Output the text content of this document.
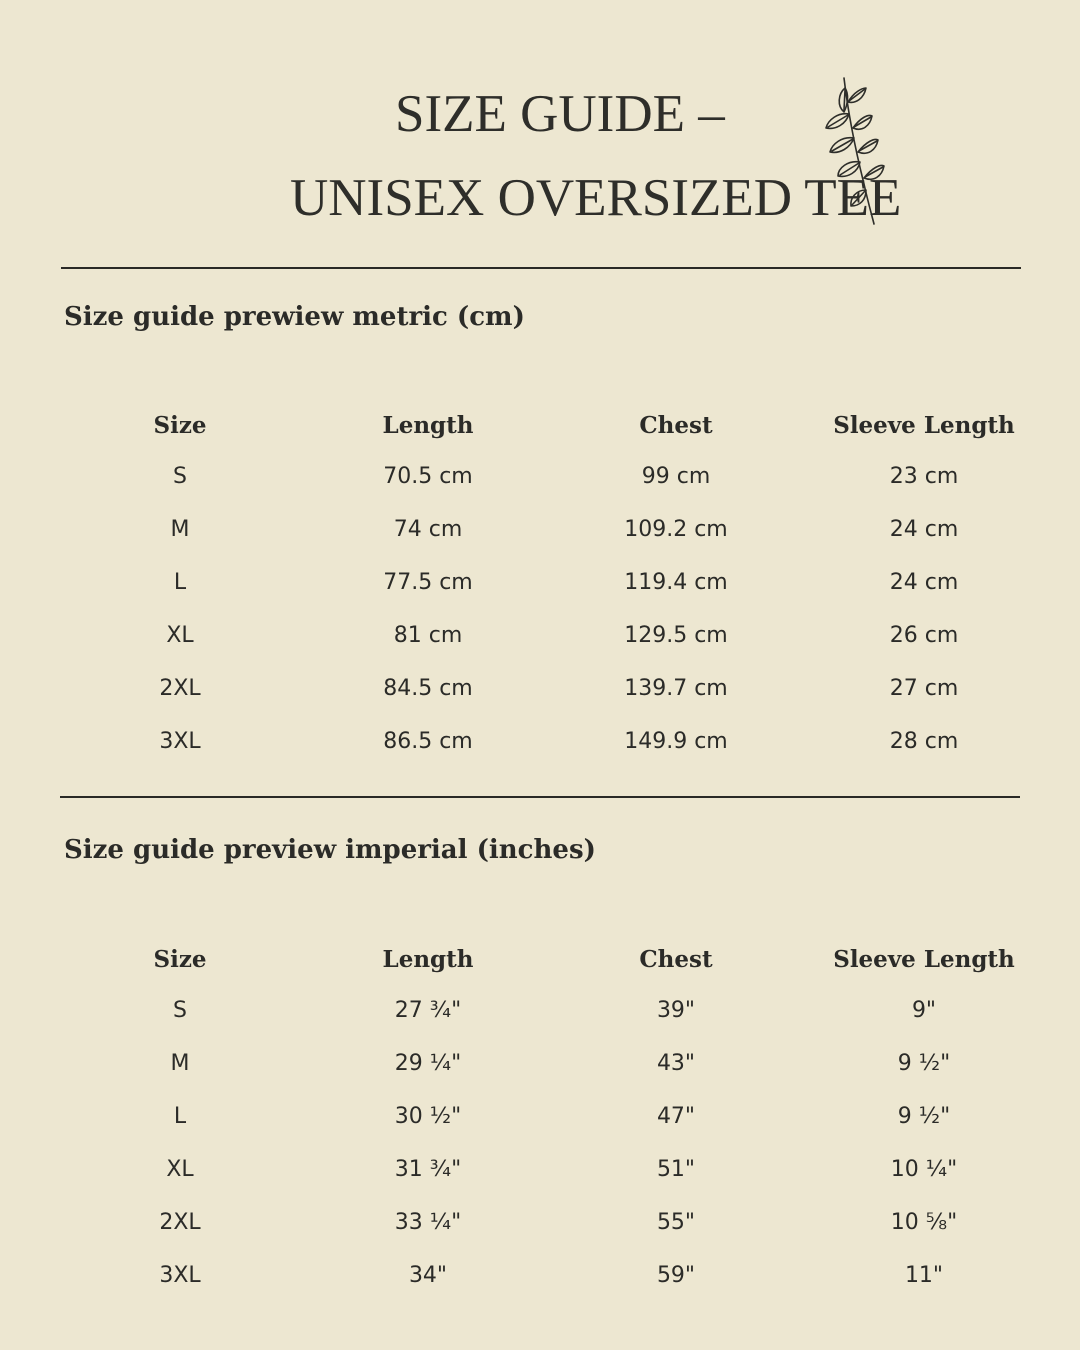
SIZE GUIDE –
UNISEX OVERSIZED TEE
Size guide prewiew metric (cm)
Size	Length	Chest	Sleeve Length
S	70.5 cm	99 cm	23 cm
M	74 cm	109.2 cm	24 cm
L	77.5 cm	119.4 cm	24 cm
XL	81 cm	129.5 cm	26 cm
2XL	84.5 cm	139.7 cm	27 cm
3XL	86.5 cm	149.9 cm	28 cm
Size guide preview imperial (inches)
Size	Length	Chest	Sleeve Length
S	27 ¾"	39"	9"
M	29 ¼"	43"	9 ½"
L	30 ½"	47"	9 ½"
XL	31 ¾"	51"	10 ¼"
2XL	33 ¼"	55"	10 ⅝"
3XL	34"	59"	11"
